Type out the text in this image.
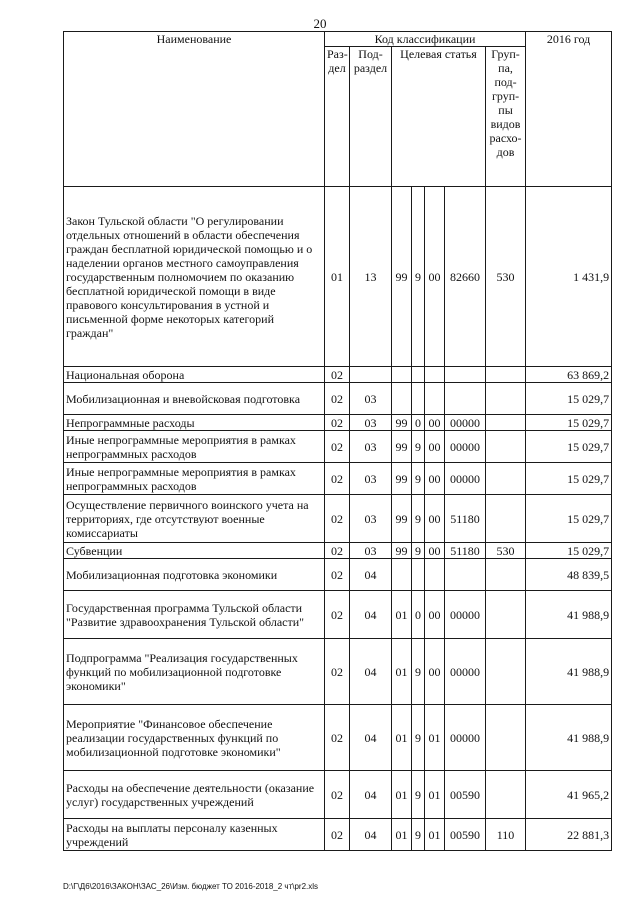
20
Наименование	Код классификации							2016 год
	Раз-дел	Под-раздел	Целевая статья				Груп-па, под-груп-пы видов расхо-дов	
Закон Тульской области "О регулировании отдельных отношений в области обеспечения граждан бесплатной юридической помощью и о наделении органов местного самоуправления государственным полномочием по оказанию бесплатной юридической помощи в виде правового консультирования в устной и письменной форме некоторых категорий граждан"	01	13	99	9	00	82660	530	1 431,9
Национальная оборона	02							63 869,2
Мобилизационная и вневойсковая подготовка	02	03						15 029,7
Непрограммные расходы	02	03	99	0	00	00000		15 029,7
Иные непрограммные мероприятия в рамках непрограммных расходов	02	03	99	9	00	00000		15 029,7
Иные непрограммные мероприятия в рамках непрограммных расходов	02	03	99	9	00	00000		15 029,7
Осуществление первичного воинского учета на территориях, где отсутствуют военные комиссариаты	02	03	99	9	00	51180		15 029,7
Субвенции	02	03	99	9	00	51180	530	15 029,7
Мобилизационная подготовка экономики	02	04						48 839,5
Государственная программа Тульской области "Развитие здравоохранения Тульской области"	02	04	01	0	00	00000		41 988,9
Подпрограмма "Реализация государственных функций по мобилизационной подготовке экономики"	02	04	01	9	00	00000		41 988,9
Мероприятие "Финансовое обеспечение реализации государственных функций по мобилизационной подготовке экономики"	02	04	01	9	01	00000		41 988,9
Расходы на обеспечение деятельности (оказание услуг) государственных учреждений	02	04	01	9	01	00590		41 965,2
Расходы на выплаты персоналу казенных учреждений	02	04	01	9	01	00590	110	22 881,3
D:\Г\Д6\2016\ЗАКОН\ЗАС_26\Изм. бюджет ТО 2016-2018_2 чт\pr2.xls
